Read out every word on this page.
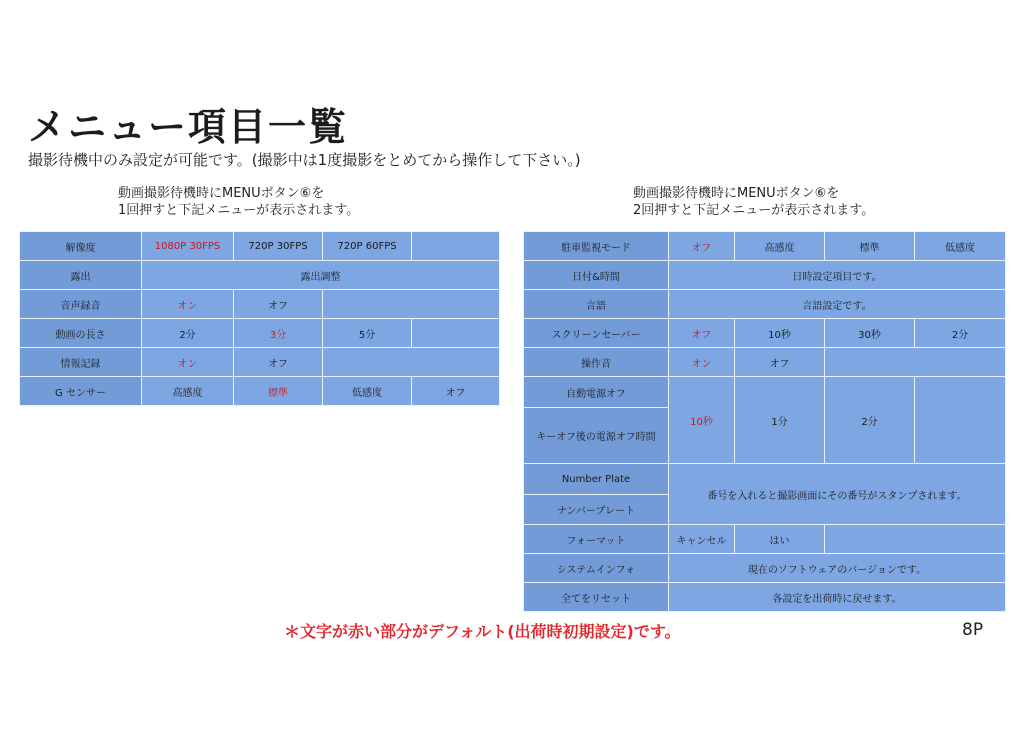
メニュー項目一覧
撮影待機中のみ設定が可能です。(撮影中は1度撮影をとめてから操作して下さい。)
動画撮影待機時にMENUボタン⑥を
1回押すと下記メニューが表示されます。
動画撮影待機時にMENUボタン⑥を
2回押すと下記メニューが表示されます。
解像度	1080P 30FPS	720P 30FPS	720P 60FPS	
露出	露出調整			
音声録音	オン	オフ		
動画の長さ	2分	3分	5分	
情報記録	オン	オフ		
G センサー	高感度	標準	低感度	オフ
駐車監視モード	オフ	高感度	標準	低感度
日付&時間	日時設定項目です。			
言語	言語設定です。			
スクリーンセーバー	オフ	10秒	30秒	2分
操作音	オン	オフ		
自動電源オフ	10秒	1分	2分	
キーオフ後の電源オフ時間				
Number Plate	番号を入れると撮影画面にその番号がスタンプされます。			
ナンバープレート				
フォーマット	キャンセル	はい		
システムインフォ	現在のソフトウェアのバージョンです。			
全てをリセット	各設定を出荷時に戻せます。			
＊文字が赤い部分がデフォルト(出荷時初期設定)です。	8P
